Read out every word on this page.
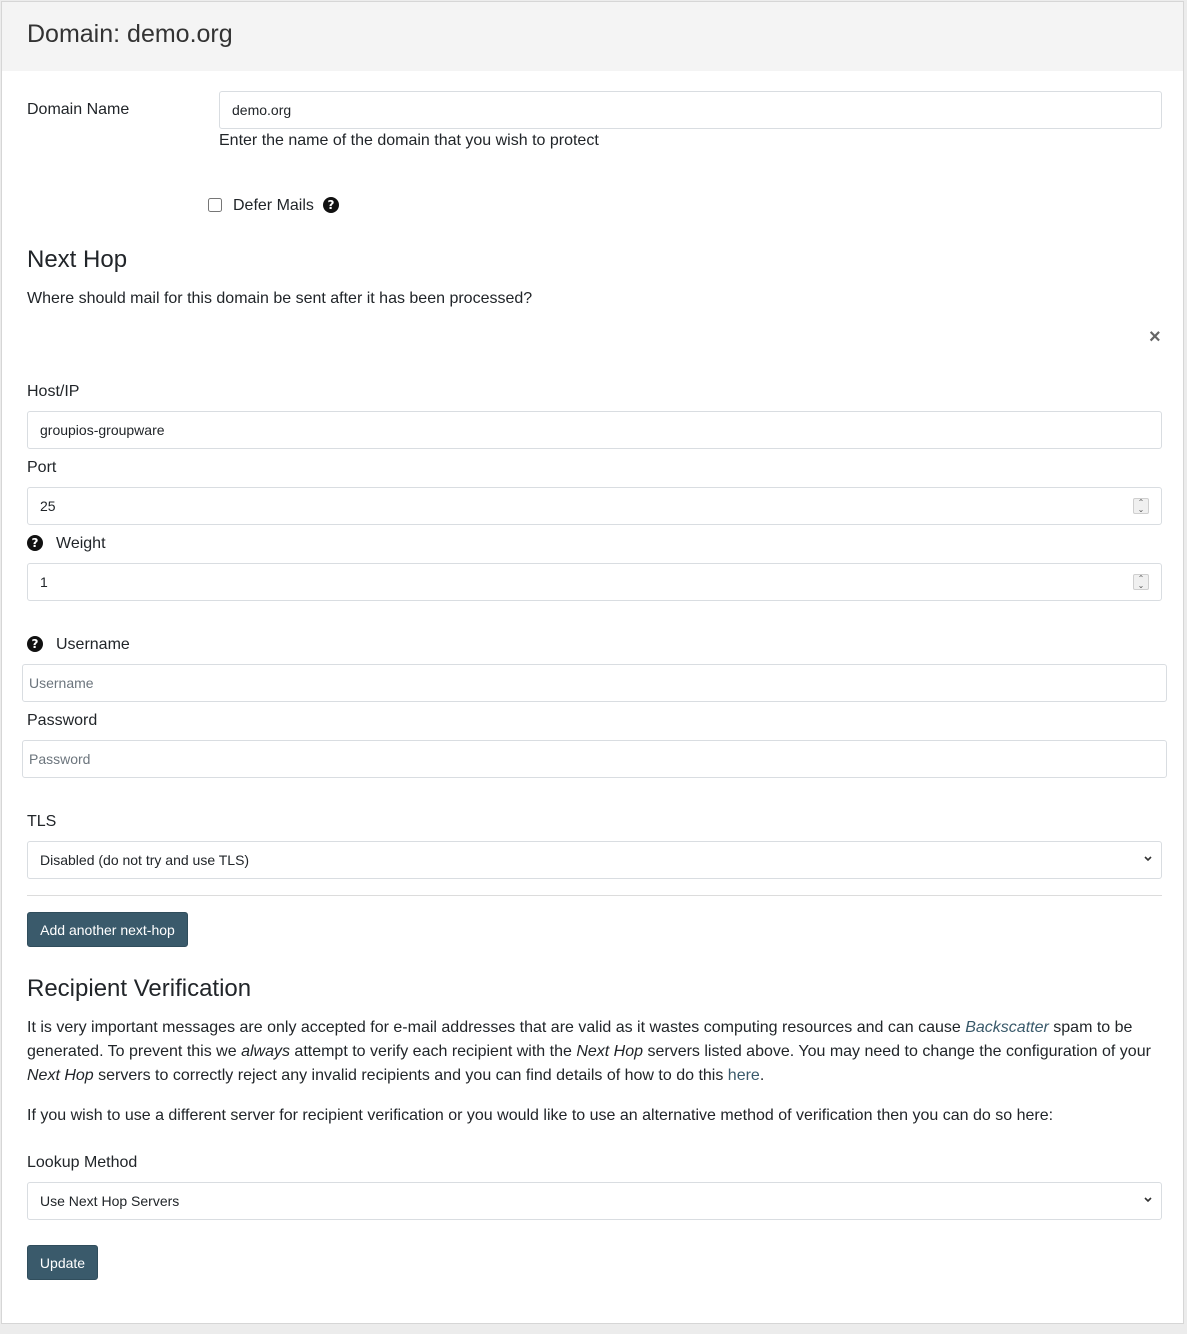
Domain: demo.org
Domain Name
demo.org
Enter the name of the domain that you wish to protect
Defer Mails	?
Next Hop

Where should mail for this domain be sent after it has been processed?

×
Host/IP
groupios-groupware
Port
25	⌃
⌄
? Weight
1	⌃
⌄
? Username
Username
Password
TLS
Disabled (do not try and use TLS)
Add another next-hop
Recipient Verification

It is very important messages are only accepted for e-mail addresses that are valid as it wastes computing resources and can cause Backscatter spam to be generated. To prevent this we always attempt to verify each recipient with the Next Hop servers listed above. You may need to change the configuration of your Next Hop servers to correctly reject any invalid recipients and you can find details of how to do this here.

If you wish to use a different server for recipient verification or you would like to use an alternative method of verification then you can do so here:

Lookup Method
Use Next Hop Servers
Update
